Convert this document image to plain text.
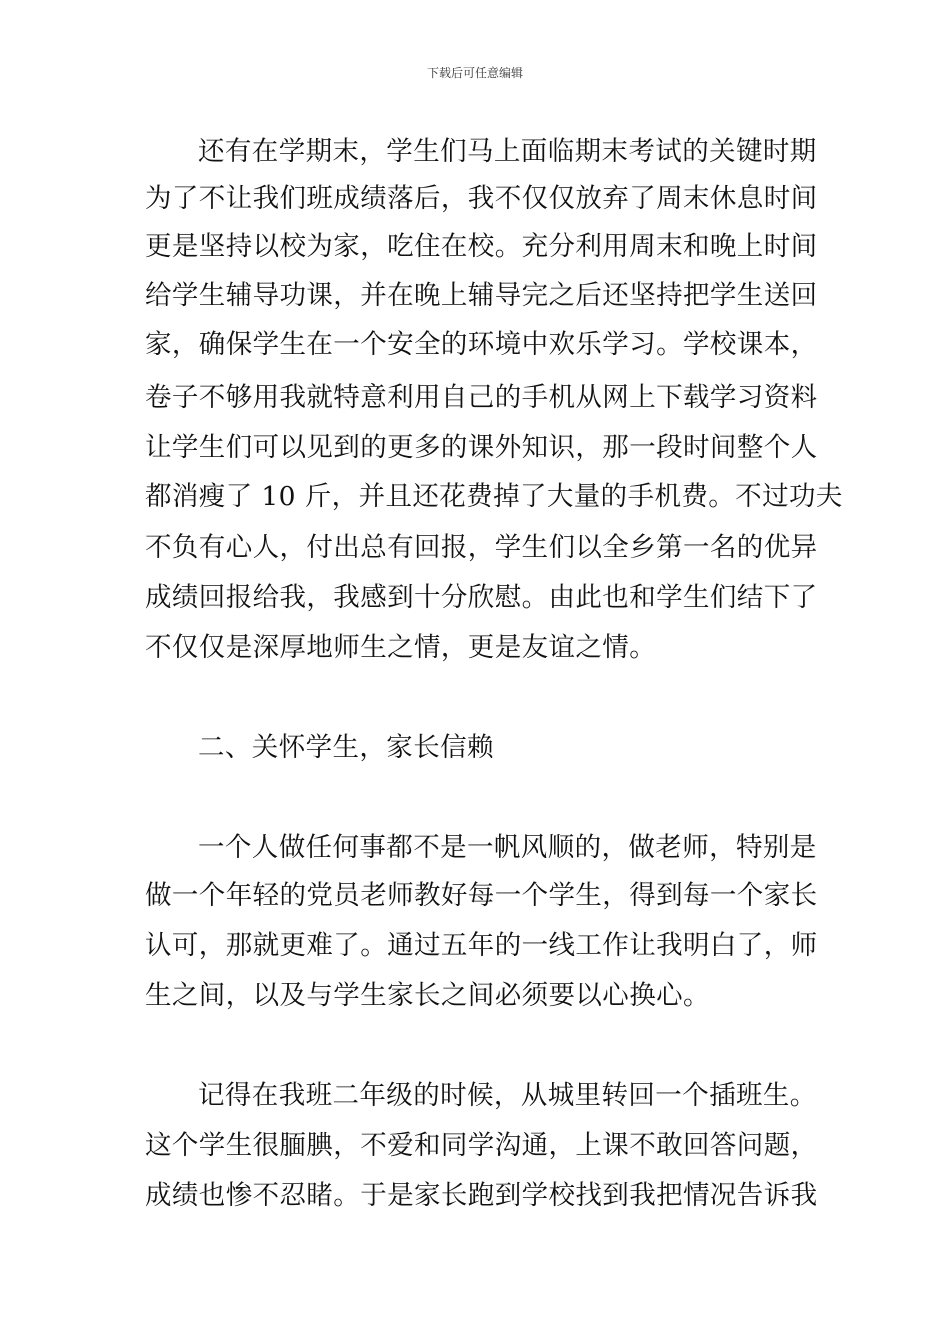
下载后可任意编辑
还有在学期末，学生们马上面临期末考试的关键时期
为了不让我们班成绩落后，我不仅仅放弃了周末休息时间
更是坚持以校为家，吃住在校。充分利用周末和晚上时间
给学生辅导功课，并在晚上辅导完之后还坚持把学生送回
家，确保学生在一个安全的环境中欢乐学习。学校课本，
卷子不够用我就特意利用自己的手机从网上下载学习资料
让学生们可以见到的更多的课外知识，那一段时间整个人
都消瘦了 10 斤，并且还花费掉了大量的手机费。不过功夫
不负有心人，付出总有回报，学生们以全乡第一名的优异
成绩回报给我，我感到十分欣慰。由此也和学生们结下了
不仅仅是深厚地师生之情，更是友谊之情。
二、关怀学生，家长信赖
一个人做任何事都不是一帆风顺的，做老师，特别是
做一个年轻的党员老师教好每一个学生，得到每一个家长
认可，那就更难了。通过五年的一线工作让我明白了，师
生之间，以及与学生家长之间必须要以心换心。
记得在我班二年级的时候，从城里转回一个插班生。
这个学生很腼腆，不爱和同学沟通，上课不敢回答问题，
成绩也惨不忍睹。于是家长跑到学校找到我把情况告诉我
